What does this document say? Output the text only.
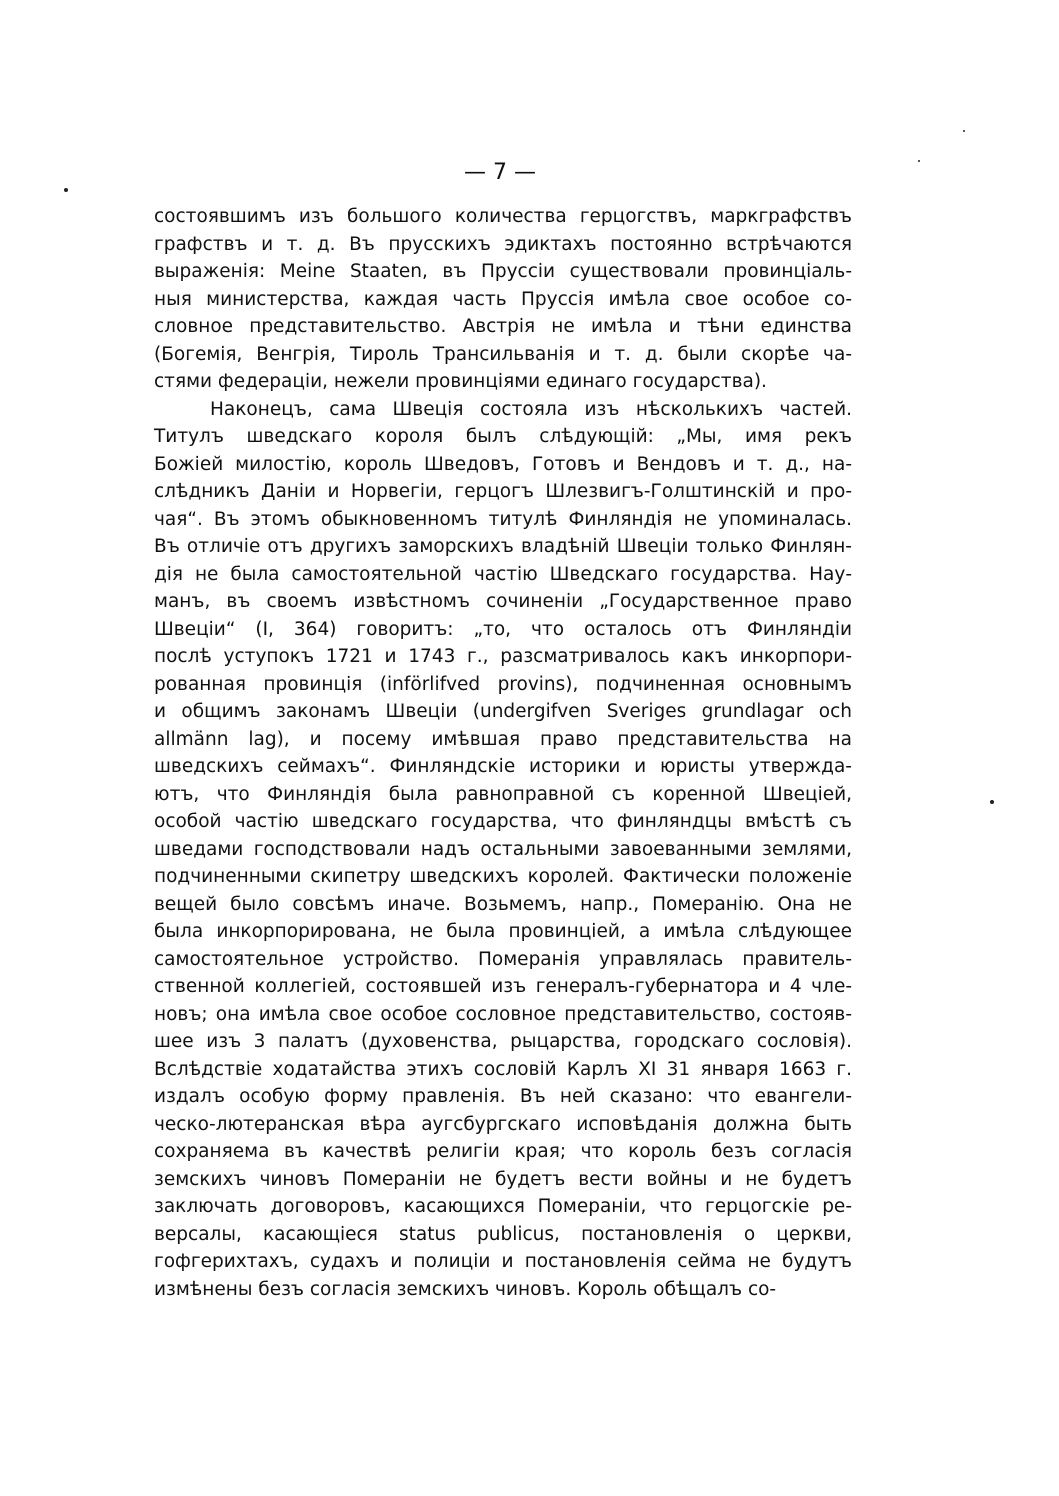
— 7 —
состоявшимъ изъ большого количества герцогствъ, маркграфствъ
графствъ и т. д. Въ прусскихъ эдиктахъ постоянно встрѣчаются
выраженія: Meine Staaten, въ Пруссіи существовали провинціаль-
ныя министерства, каждая часть Пруссія имѣла свое особое со-
словное представительство. Австрія не имѣла и тѣни единства
(Богемія, Венгрія, Тироль Трансильванія и т. д. были скорѣе ча-
стями федераціи, нежели провинціями единаго государства).
Наконецъ, сама Швеція состояла изъ нѣсколькихъ частей.
Титулъ шведскаго короля былъ слѣдующій: „Мы, имя рекъ
Божіей милостію, король Шведовъ, Готовъ и Вендовъ и т. д., на-
слѣдникъ Даніи и Норвегіи, герцогъ Шлезвигъ-Голштинскій и про-
чая“. Въ этомъ обыкновенномъ титулѣ Финляндія не упоминалась.
Въ отличіе отъ другихъ заморскихъ владѣній Швеціи только Финлян-
дія не была самостоятельной частію Шведскаго государства. Нау-
манъ, въ своемъ извѣстномъ сочиненіи „Государственное право
Швеціи“ (I, 364) говоритъ: „то, что осталось отъ Финляндіи
послѣ уступокъ 1721 и 1743 г., разсматривалось какъ инкорпори-
рованная провинція (införlifved provins), подчиненная основнымъ
и общимъ законамъ Швеціи (undergifven Sveriges grundlagar och
allmänn lag), и посему имѣвшая право представительства на
шведскихъ сеймахъ“. Финляндскіе историки и юристы утвержда-
ютъ, что Финляндія была равноправной съ коренной Швеціей,
особой частію шведскаго государства, что финляндцы вмѣстѣ съ
шведами господствовали надъ остальными завоеванными землями,
подчиненными скипетру шведскихъ королей. Фактически положеніе
вещей было совсѣмъ иначе. Возьмемъ, напр., Померанію. Она не
была инкорпорирована, не была провинціей, а имѣла слѣдующее
самостоятельное устройство. Померанія управлялась правитель-
ственной коллегіей, состоявшей изъ генералъ-губернатора и 4 чле-
новъ; она имѣла свое особое сословное представительство, состояв-
шее изъ 3 палатъ (духовенства, рыцарства, городскаго сословія).
Вслѣдствіе ходатайства этихъ сословій Карлъ XI 31 января 1663 г.
издалъ особую форму правленія. Въ ней сказано: что евангели-
ческо-лютеранская вѣра аугсбургскаго исповѣданія должна быть
сохраняема въ качествѣ религіи края; что король безъ согласія
земскихъ чиновъ Помераніи не будетъ вести войны и не будетъ
заключать договоровъ, касающихся Помераніи, что герцогскіе ре-
версалы, касающіеся status publicus, постановленія о церкви,
гофгерихтахъ, судахъ и полиціи и постановленія сейма не будутъ
измѣнены безъ согласія земскихъ чиновъ. Король обѣщалъ со-
